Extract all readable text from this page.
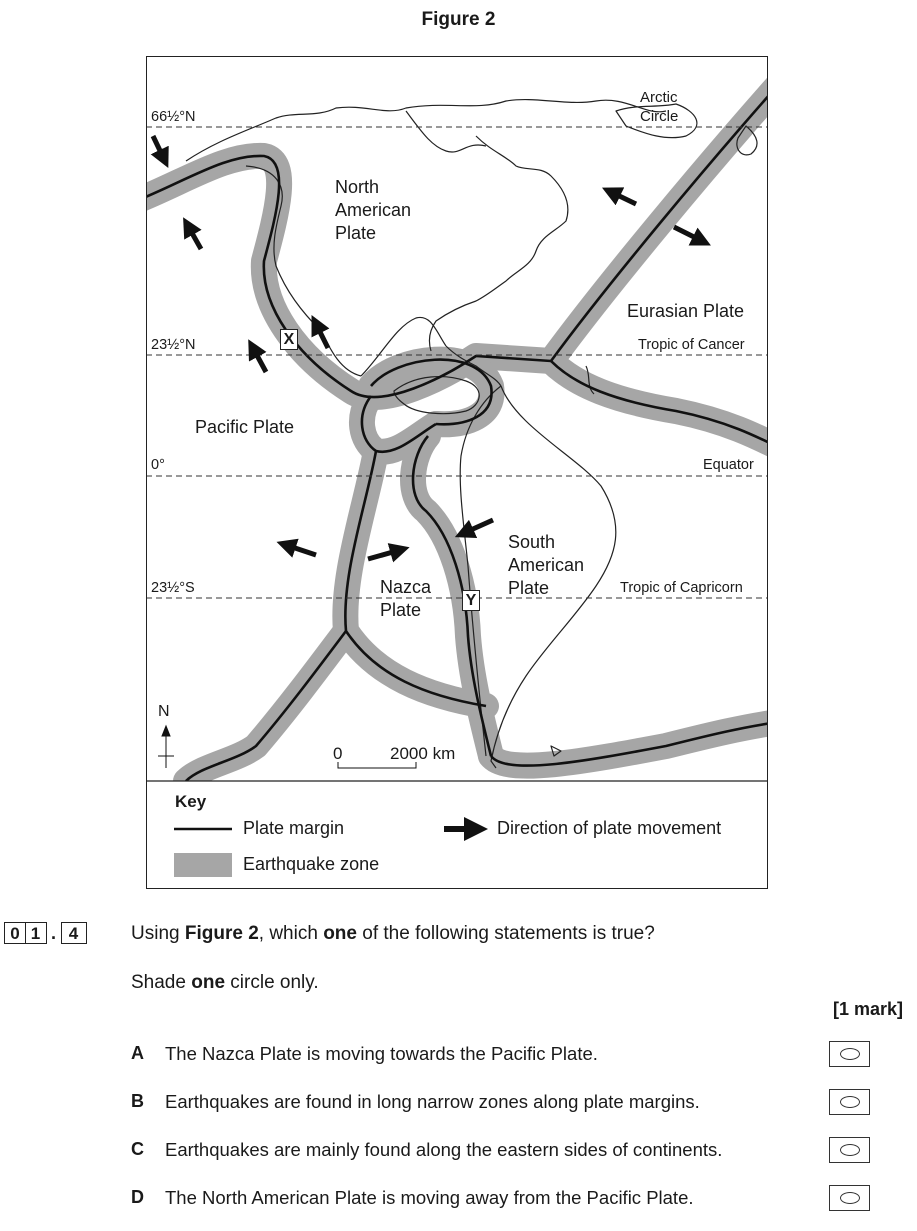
Figure 2
66½°N
Arctic Circle
23½°N	Tropic of Cancer
0°	Equator
23½°S	Tropic of Capricorn
North American Plate
Eurasian Plate
Pacific Plate
Nazca Plate
South American Plate
X
Y
N
0	2000 km
Key
Plate margin
Earthquake zone
Direction of plate movement
0 1 . 4	Using Figure 2, which one of the following statements is true?
Shade one circle only.
[1 mark]
A The Nazca Plate is moving towards the Pacific Plate.
B Earthquakes are found in long narrow zones along plate margins.
C Earthquakes are mainly found along the eastern sides of continents.
D The North American Plate is moving away from the Pacific Plate.
